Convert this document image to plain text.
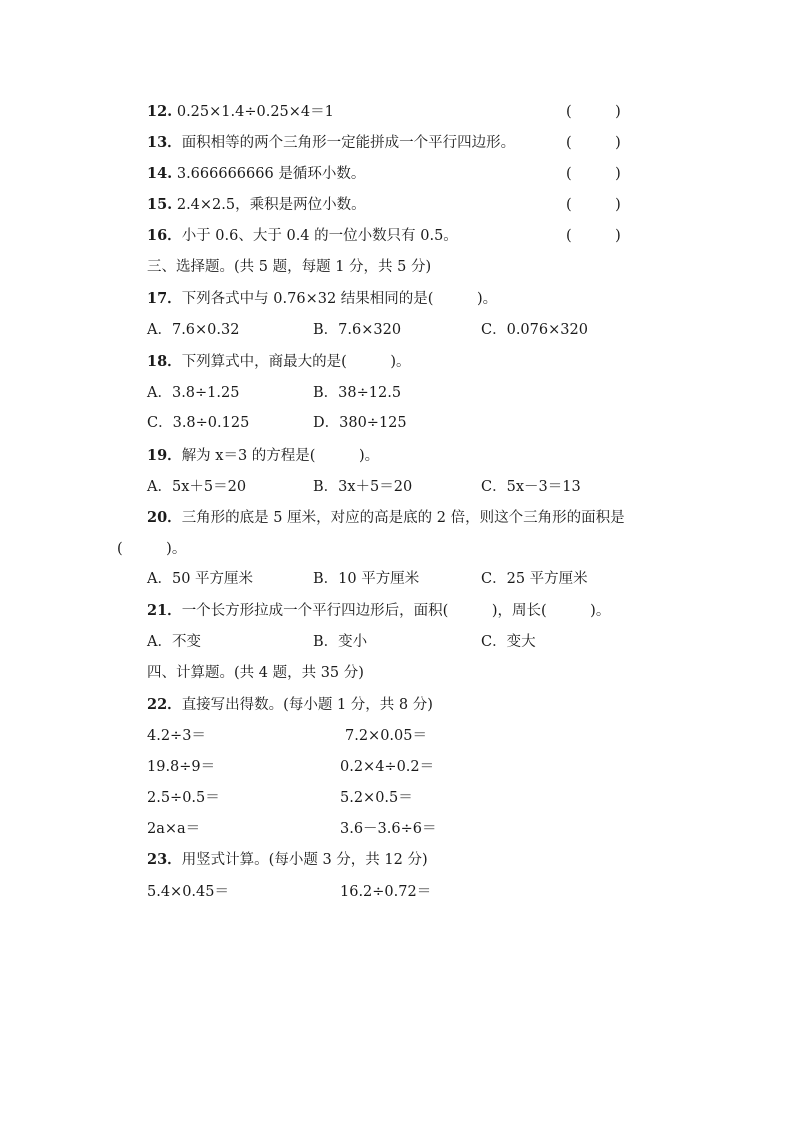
12. 0.25×1.4÷0.25×4＝1	(　　　)
13．面积相等的两个三角形一定能拼成一个平行四边形。	(　　　)
14. 3.666666666 是循环小数。	(　　　)
15. 2.4×2.5，乘积是两位小数。	(　　　)
16．小于 0.6、大于 0.4 的一位小数只有 0.5。	(　　　)
三、选择题。(共 5 题，每题 1 分，共 5 分)
17．下列各式中与 0.76×32 结果相同的是(　　　)。
A．7.6×0.32	B．7.6×320	C．0.076×320
18．下列算式中，商最大的是(　　　)。
A．3.8÷1.25	B．38÷12.5
C．3.8÷0.125	D．380÷125
19．解为 x＝3 的方程是(　　　)。
A．5x＋5＝20	B．3x＋5＝20	C．5x－3＝13
20．三角形的底是 5 厘米，对应的高是底的 2 倍，则这个三角形的面积是
(　　　)。
A．50 平方厘米	B．10 平方厘米	C．25 平方厘米
21．一个长方形拉成一个平行四边形后，面积(　　　)，周长(　　　)。
A．不变	B．变小	C．变大
四、计算题。(共 4 题，共 35 分)
22．直接写出得数。(每小题 1 分，共 8 分)
4.2÷3＝	7.2×0.05＝
19.8÷9＝	0.2×4÷0.2＝
2.5÷0.5＝	5.2×0.5＝
2a×a＝	3.6－3.6÷6＝
23．用竖式计算。(每小题 3 分，共 12 分)
5.4×0.45＝	16.2÷0.72＝
